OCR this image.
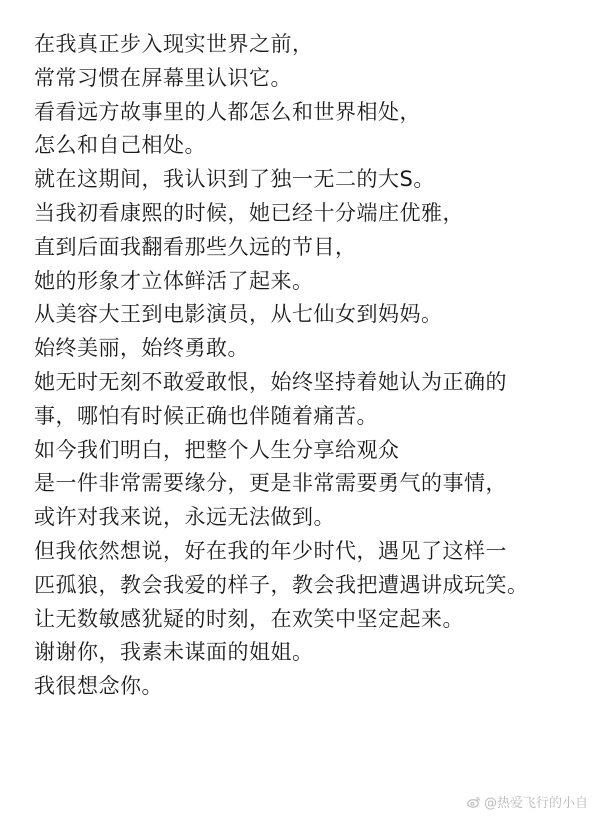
在我真正步入现实世界之前，
常常习惯在屏幕里认识它。
看看远方故事里的人都怎么和世界相处，
怎么和自己相处。
就在这期间，我认识到了独一无二的大S。
当我初看康熙的时候，她已经十分端庄优雅，
直到后面我翻看那些久远的节目，
她的形象才立体鲜活了起来。
从美容大王到电影演员，从七仙女到妈妈。
始终美丽，始终勇敢。
她无时无刻不敢爱敢恨，始终坚持着她认为正确的
事，哪怕有时候正确也伴随着痛苦。
如今我们明白，把整个人生分享给观众
是一件非常需要缘分，更是非常需要勇气的事情，
或许对我来说，永远无法做到。
但我依然想说，好在我的年少时代，遇见了这样一
匹孤狼，教会我爱的样子，教会我把遭遇讲成玩笑。
让无数敏感犹疑的时刻，在欢笑中坚定起来。
谢谢你，我素未谋面的姐姐。
我很想念你。
@热爱飞行的小自
